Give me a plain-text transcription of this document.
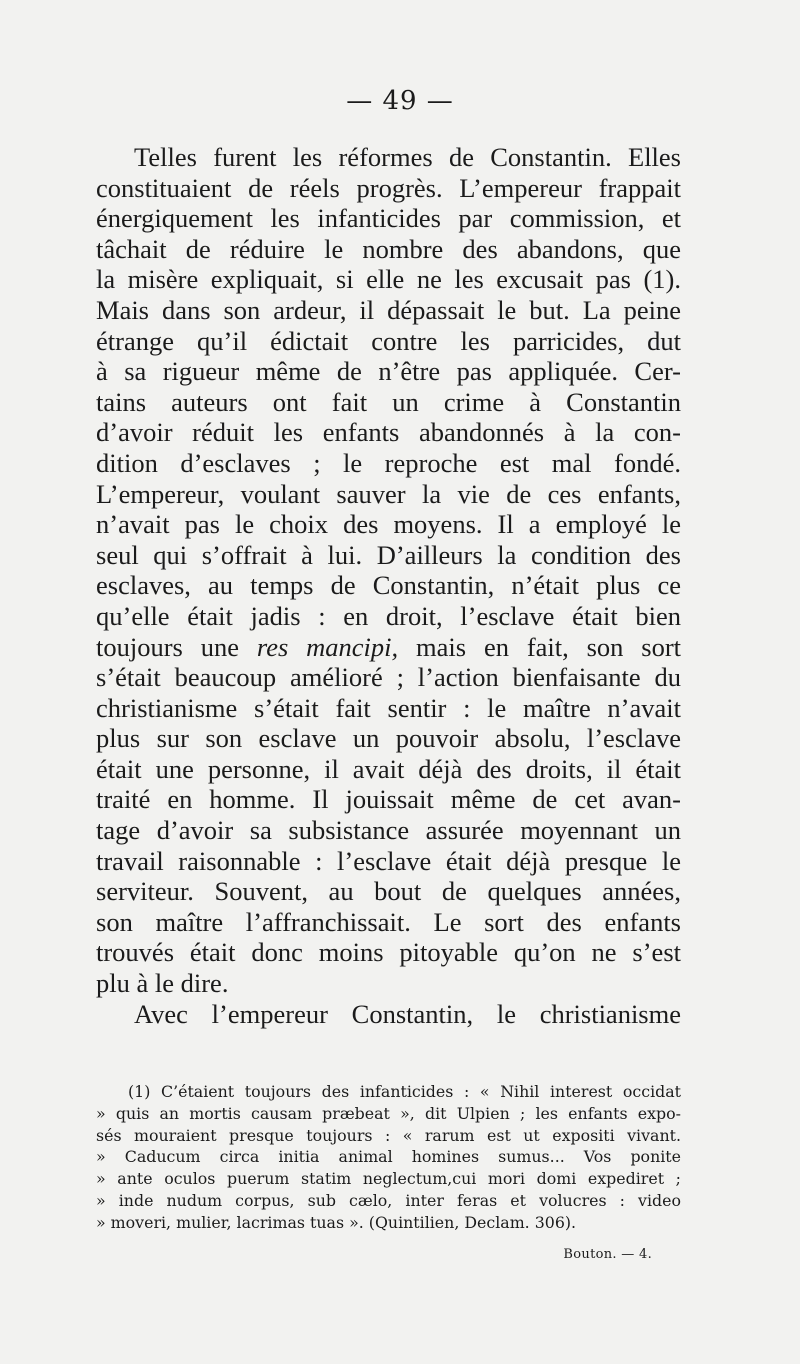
— 49 —

Telles furent les réformes de Constantin. Elles

constituaient de réels progrès. L’empereur frappait

énergiquement les infanticides par commission, et

tâchait de réduire le nombre des abandons, que

la misère expliquait, si elle ne les excusait pas (1).

Mais dans son ardeur, il dépassait le but. La peine

étrange qu’il édictait contre les parricides, dut

à sa rigueur même de n’être pas appliquée. Cer-

tains auteurs ont fait un crime à Constantin

d’avoir réduit les enfants abandonnés à la con-

dition d’esclaves ; le reproche est mal fondé.

L’empereur, voulant sauver la vie de ces enfants,

n’avait pas le choix des moyens. Il a employé le

seul qui s’offrait à lui. D’ailleurs la condition des

esclaves, au temps de Constantin, n’était plus ce

qu’elle était jadis : en droit, l’esclave était bien

toujours une res mancipi, mais en fait, son sort

s’était beaucoup amélioré ; l’action bienfaisante du

christianisme s’était fait sentir : le maître n’avait

plus sur son esclave un pouvoir absolu, l’esclave

était une personne, il avait déjà des droits, il était

traité en homme. Il jouissait même de cet avan-

tage d’avoir sa subsistance assurée moyennant un

travail raisonnable : l’esclave était déjà presque le

serviteur. Souvent, au bout de quelques années,

son maître l’affranchissait. Le sort des enfants

trouvés était donc moins pitoyable qu’on ne s’est

plu à le dire.

Avec l’empereur Constantin, le christianisme

(1) C’étaient toujours des infanticides : « Nihil interest occidat

» quis an mortis causam præbeat », dit Ulpien ; les enfants expo-

sés mouraient presque toujours : « rarum est ut expositi vivant.

» Caducum circa initia animal homines sumus... Vos ponite

» ante oculos puerum statim neglectum,cui mori domi expediret ;

» inde nudum corpus, sub cælo, inter feras et volucres : video

» moveri, mulier, lacrimas tuas ». (Quintilien, Declam. 306).

Bouton. — 4.
